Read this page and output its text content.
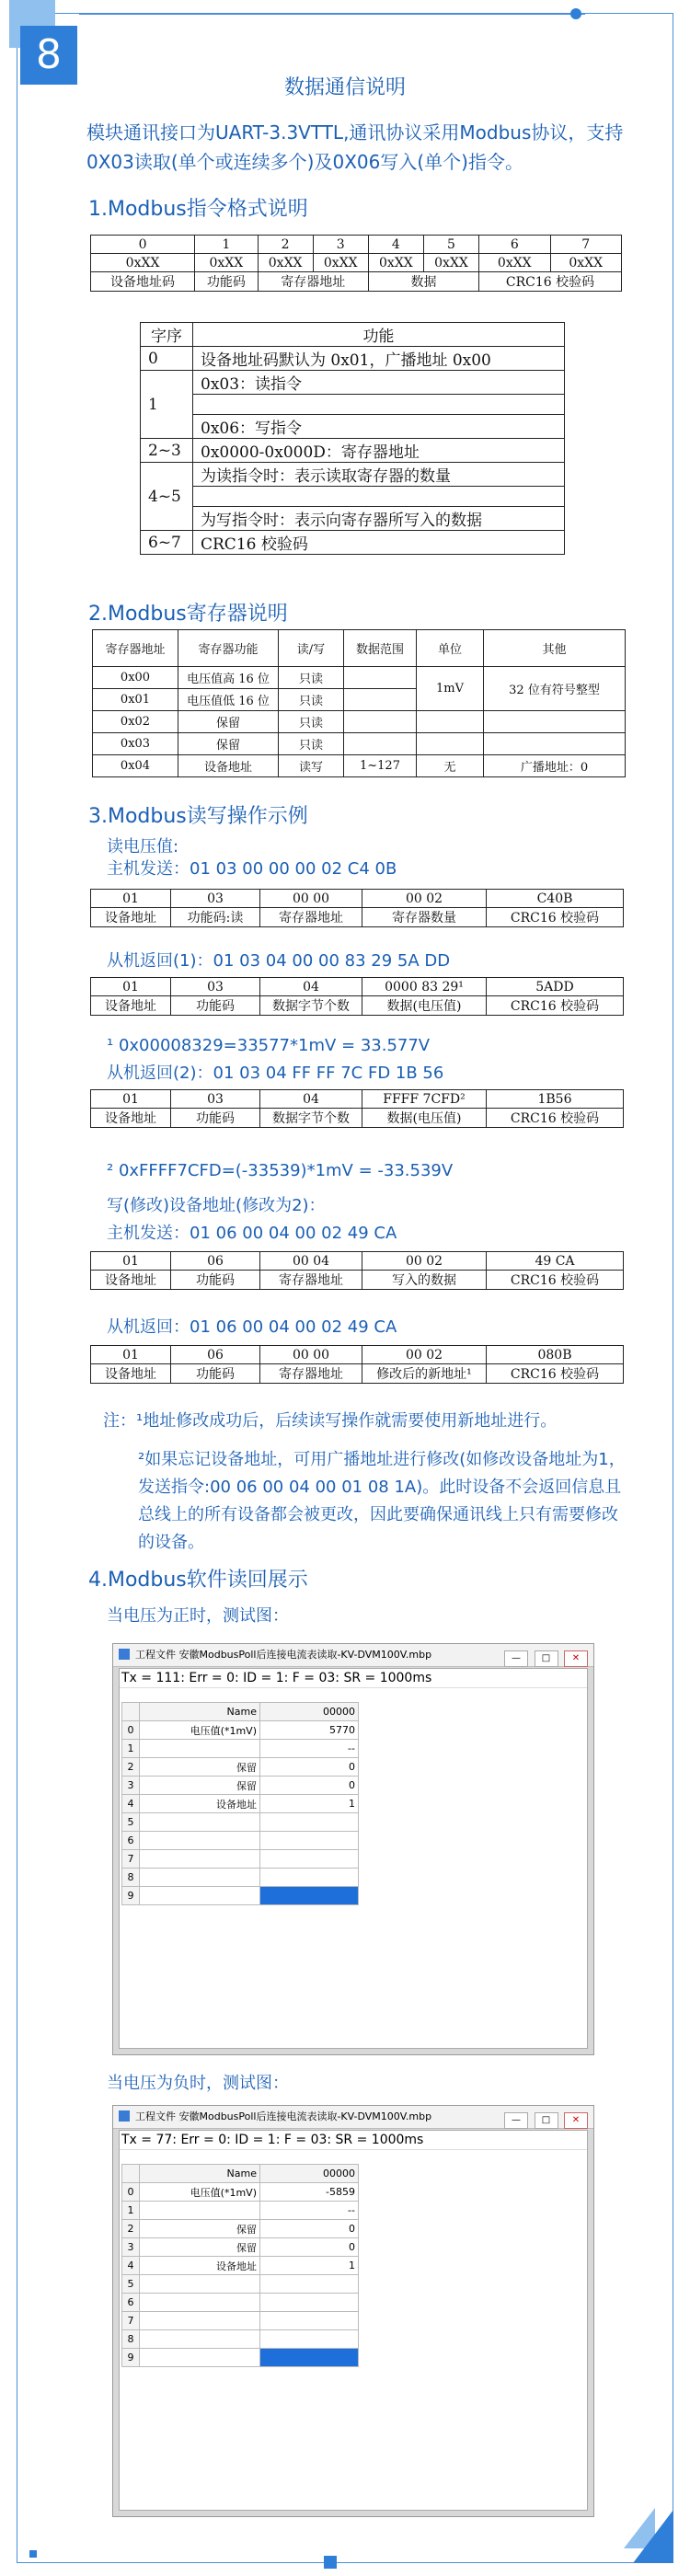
8
数据通信说明
模块通讯接口为UART-3.3VTTL,通讯协议采用Modbus协议，支持0X03读取(单个或连续多个)及0X06写入(单个)指令。
1.Modbus指令格式说明
0	1	2	3	4	5	6	7
0xXX	0xXX	0xXX	0xXX	0xXX	0xXX	0xXX	0xXX
设备地址码	功能码	寄存器地址		数据		CRC16 校验码	
字序	功能
0	设备地址码默认为 0x01，广播地址 0x00
1	0x03：读指令

	0x06：写指令
2~3	0x0000-0x000D：寄存器地址
4~5	为读指令时：表示读取寄存器的数量

	为写指令时：表示向寄存器所写入的数据
6~7	CRC16 校验码
2.Modbus寄存器说明
寄存器地址	寄存器功能	读/写	数据范围	单位	其他
0x00	电压值高 16 位	只读		1mV	32 位有符号整型
0x01	电压值低 16 位	只读			
0x02	保留	只读			
0x03	保留	只读			
0x04	设备地址	读写	1~127	无	广播地址：0
3.Modbus读写操作示例
读电压值:
主机发送：01 03 00 00 00 02 C4 0B
01	03	00 00	00 02	C40B
设备地址	功能码:读	寄存器地址	寄存器数量	CRC16 校验码
从机返回(1)：01 03 04 00 00 83 29 5A DD
01	03	04	0000 83 29¹	5ADD
设备地址	功能码	数据字节个数	数据(电压值)	CRC16 校验码
¹ 0x00008329=33577*1mV = 33.577V
从机返回(2)：01 03 04 FF FF 7C FD 1B 56
01	03	04	FFFF 7CFD²	1B56
设备地址	功能码	数据字节个数	数据(电压值)	CRC16 校验码
² 0xFFFF7CFD=(-33539)*1mV = -33.539V
写(修改)设备地址(修改为2)：
主机发送：01 06 00 04 00 02 49 CA
01	06	00 04	00 02	49 CA
设备地址	功能码	寄存器地址	写入的数据	CRC16 校验码
从机返回：01 06 00 04 00 02 49 CA
01	06	00 00	00 02	080B
设备地址	功能码	寄存器地址	修改后的新地址¹	CRC16 校验码
注：¹地址修改成功后，后续读写操作就需要使用新地址进行。
²如果忘记设备地址，可用广播地址进行修改(如修改设备地址为1，发送指令:00 06 00 04 00 01 08 1A)。此时设备不会返回信息且总线上的所有设备都会被更改，因此要确保通讯线上只有需要修改的设备。
4.Modbus软件读回展示
当电压为正时，测试图：
工程文件 安徽ModbusPoll后连接电流表读取-KV-DVM100V.mbp	— □ ✕
Tx = 111: Err = 0: ID = 1: F = 03: SR = 1000ms
	Name	00000
0	电压值(*1mV)	5770
1		--
2	保留	0
3	保留	0
4	设备地址	1
5		
6		
7		
8		
9		
当电压为负时，测试图：
工程文件 安徽ModbusPoll后连接电流表读取-KV-DVM100V.mbp	— □ ✕
Tx = 77: Err = 0: ID = 1: F = 03: SR = 1000ms
	Name	00000
0	电压值(*1mV)	-5859
1		--
2	保留	0
3	保留	0
4	设备地址	1
5		
6		
7		
8		
9		
